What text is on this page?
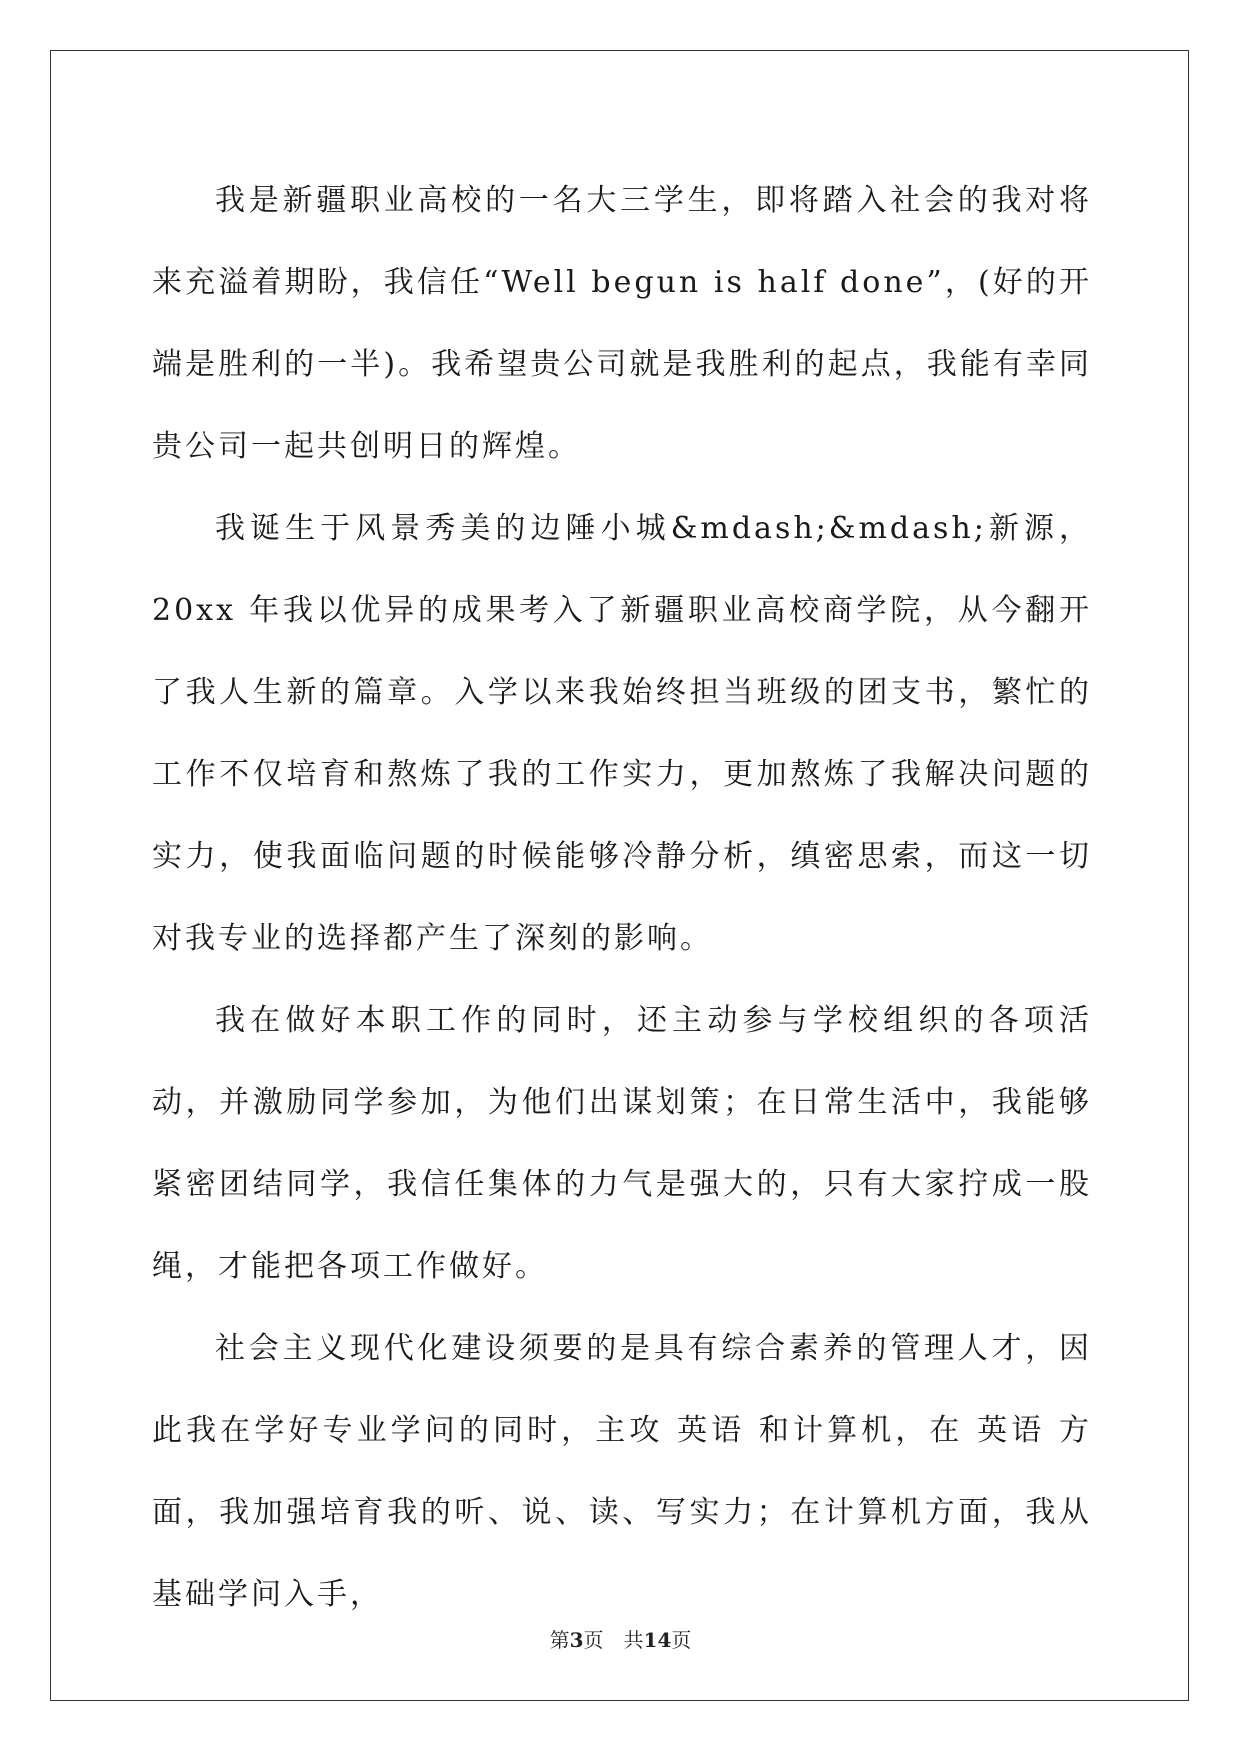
我是新疆职业高校的一名大三学生，即将踏入社会的我对将来充溢着期盼，我信任“Well begun is half done”，(好的开端是胜利的一半)。我希望贵公司就是我胜利的起点，我能有幸同贵公司一起共创明日的辉煌。

我诞生于风景秀美的边陲小城&mdash;&mdash;新源，20xx 年我以优异的成果考入了新疆职业高校商学院，从今翻开了我人生新的篇章。入学以来我始终担当班级的团支书，繁忙的工作不仅培育和熬炼了我的工作实力，更加熬炼了我解决问题的实力，使我面临问题的时候能够冷静分析，缜密思索，而这一切对我专业的选择都产生了深刻的影响。

我在做好本职工作的同时，还主动参与学校组织的各项活动，并激励同学参加，为他们出谋划策；在日常生活中，我能够紧密团结同学，我信任集体的力气是强大的，只有大家拧成一股绳，才能把各项工作做好。

社会主义现代化建设须要的是具有综合素养的管理人才，因此我在学好专业学问的同时，主攻 英语 和计算机，在 英语 方面，我加强培育我的听、说、读、写实力；在计算机方面，我从基础学问入手，

第3页 共14页
